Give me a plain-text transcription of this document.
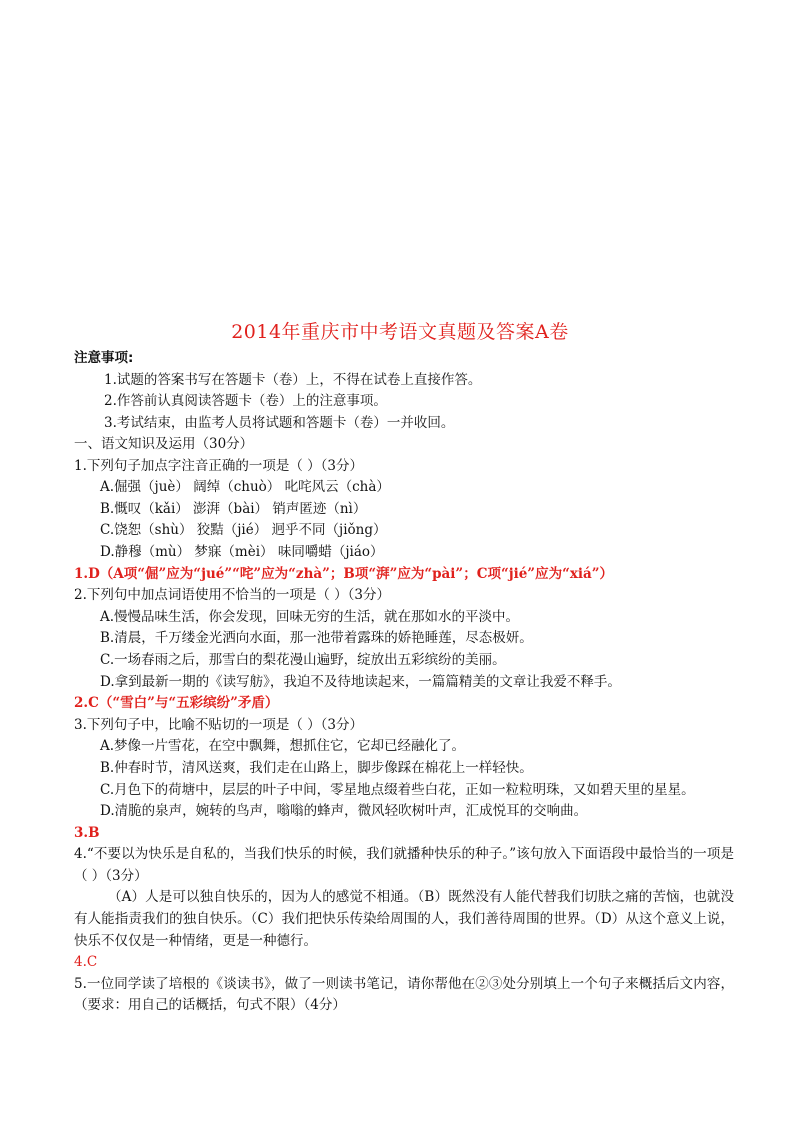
2014年重庆市中考语文真题及答案A卷
注意事项:
1.试题的答案书写在答题卡（卷）上，不得在试卷上直接作答。
2.作答前认真阅读答题卡（卷）上的注意事项。
3.考试结束，由监考人员将试题和答题卡（卷）一并收回。
一、语文知识及运用（30分）
1.下列句子加点字注音正确的一项是（ ）（3分）
A.倔强（juè） 阔绰（chuò） 叱咤风云（chà）
B.慨叹（kǎi） 澎湃（bài） 销声匿迹（nì）
C.饶恕（shù） 狡黠（jié） 迥乎不同（jiǒng）
D.静穆（mù） 梦寐（mèi） 味同嚼蜡（jiáo）
1.D（A项“倔”应为“jué”“咤”应为“zhà”；B项“湃”应为“pài”；C项“jié”应为“xiá”）
2.下列句中加点词语使用不恰当的一项是（ ）（3分）
A.慢慢品味生活，你会发现，回味无穷的生活，就在那如水的平淡中。
B.清晨，千万缕金光洒向水面，那一池带着露珠的娇艳睡莲，尽态极妍。
C.一场春雨之后，那雪白的梨花漫山遍野，绽放出五彩缤纷的美丽。
D.拿到最新一期的《读写舫》，我迫不及待地读起来，一篇篇精美的文章让我爱不释手。
2.C（“雪白”与“五彩缤纷”矛盾）
3.下列句子中，比喻不贴切的一项是（ ）（3分）
A.梦像一片雪花，在空中飘舞，想抓住它，它却已经融化了。
B.仲春时节，清风送爽，我们走在山路上，脚步像踩在棉花上一样轻快。
C.月色下的荷塘中，层层的叶子中间，零星地点缀着些白花，正如一粒粒明珠，又如碧天里的星星。
D.清脆的泉声，婉转的鸟声，嗡嗡的蜂声，微风轻吹树叶声，汇成悦耳的交响曲。
3.B
4.“不要以为快乐是自私的，当我们快乐的时候，我们就播种快乐的种子。”该句放入下面语段中最恰当的一项是（ ）（3分）
（A）人是可以独自快乐的，因为人的感觉不相通。（B）既然没有人能代替我们切肤之痛的苦恼，也就没有人能指责我们的独自快乐。（C）我们把快乐传染给周围的人，我们善待周围的世界。（D）从这个意义上说，快乐不仅仅是一种情绪，更是一种德行。
4.C
5.一位同学读了培根的《谈读书》，做了一则读书笔记，请你帮他在②③处分别填上一个句子来概括后文内容，（要求：用自己的话概括，句式不限）（4分）
